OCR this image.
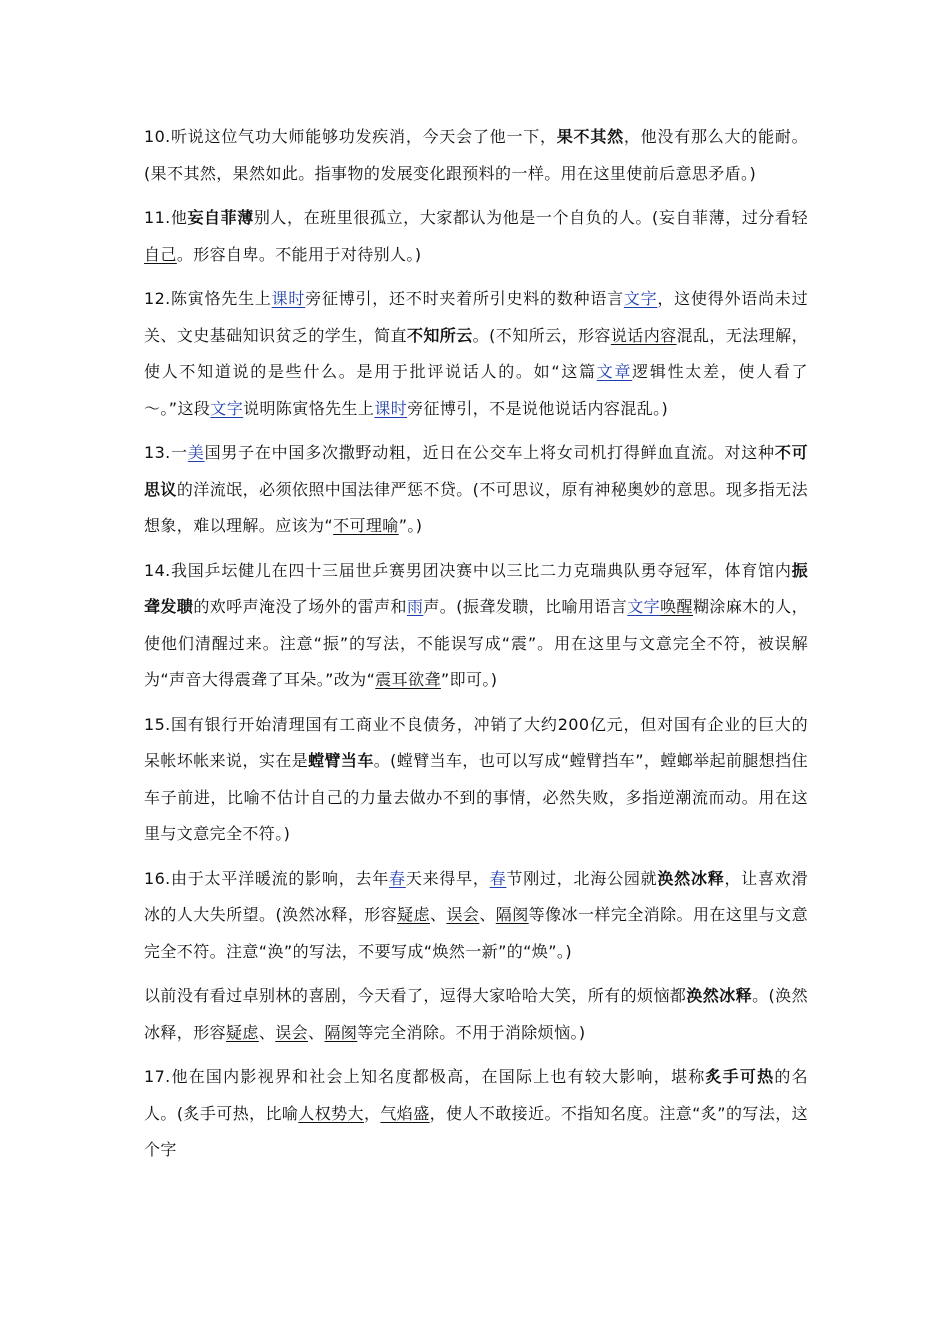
10.听说这位气功大师能够功发疾消，今天会了他一下，果不其然，他没有那么大的能耐。(果不其然，果然如此。指事物的发展变化跟预料的一样。用在这里使前后意思矛盾。)

11.他妄自菲薄别人，在班里很孤立，大家都认为他是一个自负的人。(妄自菲薄，过分看轻自己。形容自卑。不能用于对待别人。)

12.陈寅恪先生上课时旁征博引，还不时夹着所引史料的数种语言文字，这使得外语尚未过关、文史基础知识贫乏的学生，简直不知所云。(不知所云，形容说话内容混乱，无法理解，使人不知道说的是些什么。是用于批评说话人的。如“这篇文章逻辑性太差，使人看了～。”这段文字说明陈寅恪先生上课时旁征博引，不是说他说话内容混乱。)

13.一美国男子在中国多次撒野动粗，近日在公交车上将女司机打得鲜血直流。对这种不可思议的洋流氓，必须依照中国法律严惩不贷。(不可思议，原有神秘奥妙的意思。现多指无法想象，难以理解。应该为“不可理喻”。)

14.我国乒坛健儿在四十三届世乒赛男团决赛中以三比二力克瑞典队勇夺冠军，体育馆内振聋发聩的欢呼声淹没了场外的雷声和雨声。(振聋发聩，比喻用语言文字唤醒糊涂麻木的人，使他们清醒过来。注意“振”的写法，不能误写成“震”。用在这里与文意完全不符，被误解为“声音大得震聋了耳朵。”改为“震耳欲聋”即可。)

15.国有银行开始清理国有工商业不良债务，冲销了大约200亿元，但对国有企业的巨大的呆帐坏帐来说，实在是螳臂当车。(螳臂当车，也可以写成“螳臂挡车”，螳螂举起前腿想挡住车子前进，比喻不估计自己的力量去做办不到的事情，必然失败，多指逆潮流而动。用在这里与文意完全不符。)

16.由于太平洋暖流的影响，去年春天来得早，春节刚过，北海公园就涣然冰释，让喜欢滑冰的人大失所望。(涣然冰释，形容疑虑、误会、隔阂等像冰一样完全消除。用在这里与文意完全不符。注意“涣”的写法，不要写成“焕然一新”的“焕”。)

以前没有看过卓别林的喜剧，今天看了，逗得大家哈哈大笑，所有的烦恼都涣然冰释。(涣然冰释，形容疑虑、误会、隔阂等完全消除。不用于消除烦恼。)

17.他在国内影视界和社会上知名度都极高，在国际上也有较大影响，堪称炙手可热的名人。(炙手可热，比喻人权势大，气焰盛，使人不敢接近。不指知名度。注意“炙”的写法，这个字
